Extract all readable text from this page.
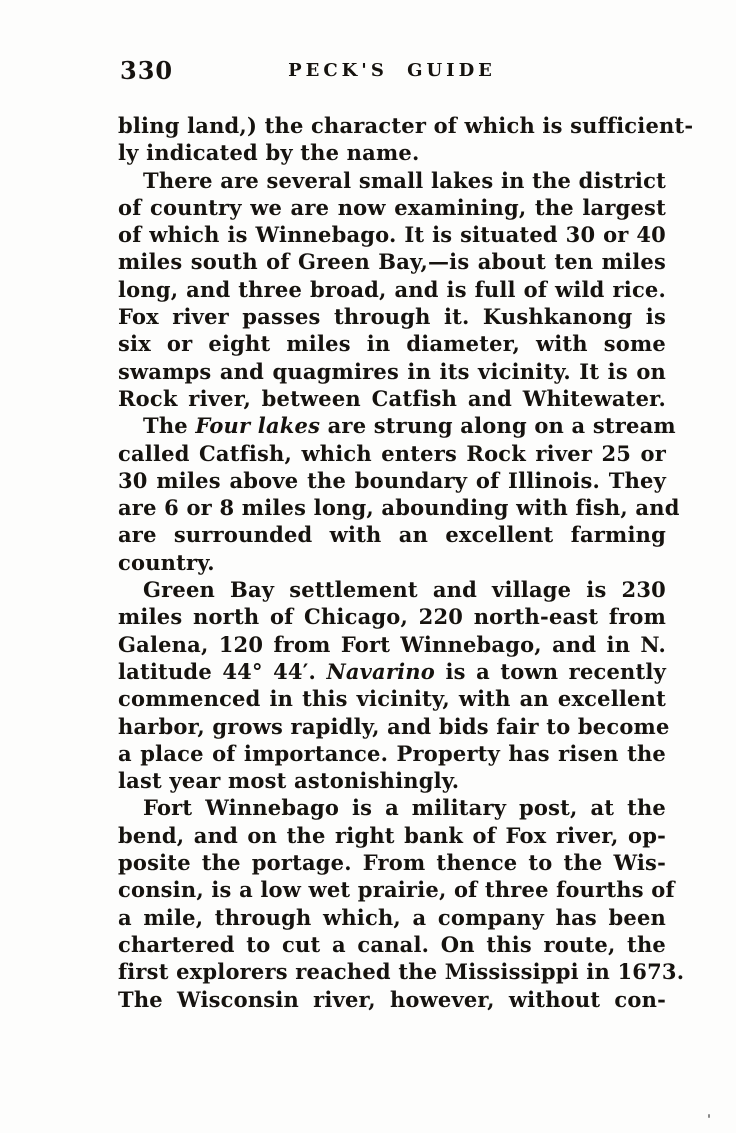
330	PECK'S GUIDE
bling land,) the character of which is sufficient-
ly indicated by the name.
There are several small lakes in the district
of country we are now examining, the largest
of which is Winnebago. It is situated 30 or 40
miles south of Green Bay,—is about ten miles
long, and three broad, and is full of wild rice.
Fox river passes through it. Kushkanong is
six or eight miles in diameter, with some
swamps and quagmires in its vicinity. It is on
Rock river, between Catfish and Whitewater.
The Four lakes are strung along on a stream
called Catfish, which enters Rock river 25 or
30 miles above the boundary of Illinois. They
are 6 or 8 miles long, abounding with fish, and
are surrounded with an excellent farming
country.
Green Bay settlement and village is 230
miles north of Chicago, 220 north-east from
Galena, 120 from Fort Winnebago, and in N.
latitude 44° 44′. Navarino is a town recently
commenced in this vicinity, with an excellent
harbor, grows rapidly, and bids fair to become
a place of importance. Property has risen the
last year most astonishingly.
Fort Winnebago is a military post, at the
bend, and on the right bank of Fox river, op-
posite the portage. From thence to the Wis-
consin, is a low wet prairie, of three fourths of
a mile, through which, a company has been
chartered to cut a canal. On this route, the
first explorers reached the Mississippi in 1673.
The Wisconsin river, however, without con-
